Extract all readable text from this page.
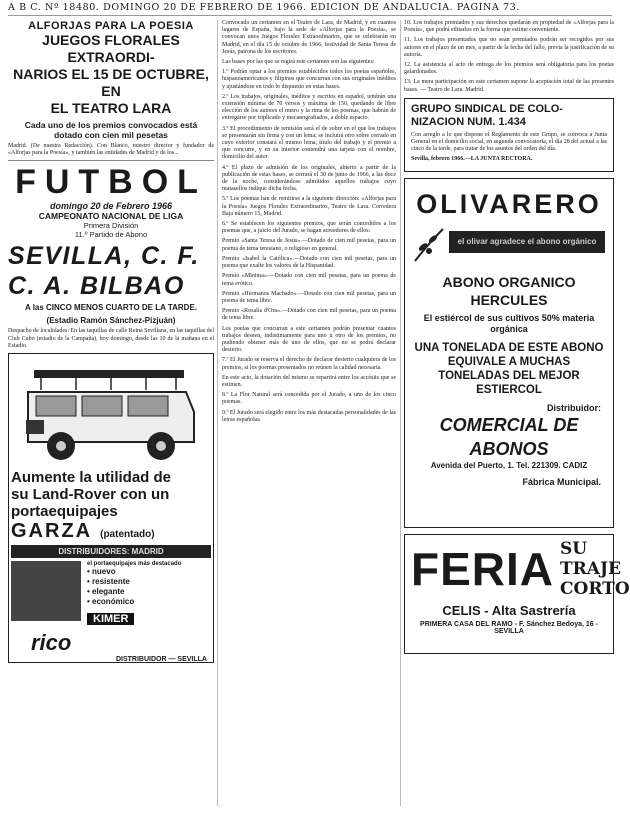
A B C. Nº 18480. DOMINGO 20 DE FEBRERO DE 1966. EDICION DE ANDALUCIA. PAGINA 73.
ALFORJAS PARA LA POESIA
JUEGOS FLORALES EXTRAORDI-
NARIOS EL 15 DE OCTUBRE, EN
EL TEATRO LARA
Cada uno de los premios convocados está dotado con cien mil pesetas

Madrid. (De nuestra Redacción). Con Blanco, nuestro director y fundador de «Alforjas para la Poesía», y también las entidades de Madrid y de los...

FUTBOL
domingo 20 de Febrero 1966
CAMPEONATO NACIONAL DE LIGA
Primera División
11.º Partido de Abono
SEVILLA, C. F.
C. A. BILBAO
A las CINCO MENOS CUARTO DE LA TARDE.
(Estadio Ramón Sánchez-Pizjuán)

Despacho de localidades: En las taquillas de calle Reina Sevillana, en las taquillas del Club Cubo (estadio de la Campaña), hoy domingo, desde las 10 de la mañana en el Estadio.

Aumente la utilidad de
su Land-Rover con un
portaequipajes
GARZA (patentado)
DISTRIBUIDORES: MADRID
el portaequipajes más destacado
• nuevo
• resistente
• elegante
• económico
KIMER
rico
DISTRIBUIDOR — SEVILLA

Convocado un certamen en el Teatro de Lara, de Madrid, y en cuantos lugares de España, bajo la sede de «Alforjas para la Poesía», se convocan unos Juegos Florales Extraordinarios, que se celebrarán en Madrid, en el día 15 de octubre de 1966, festividad de Santa Teresa de Jesús, patrona de los escritores.

Las bases por las que se regirá este certamen son las siguientes:

1.º Podrán optar a los premios establecidos todos los poetas españoles, hispanoamericanos y filipinos que concurran con sus originales inéditos y ajustándose en todo lo dispuesto en estas bases.

2.º Los trabajos, originales, inéditos y escritos en español, tendrán una extensión mínima de 70 versos y máxima de 150, quedando de libre elección de los autores el metro y la rima de los poemas, que habrán de entregarse por triplicado y mecanografiados, a doble espacio.

3.º El procedimiento de remisión será el de sobre en el que los trabajos se presentarán sin firma y con un lema; se incluirá otro sobre cerrado en cuyo exterior constará el mismo lema, título del trabajo y el premio a que concurre, y en su interior contendrá una tarjeta con el nombre, domicilio del autor.

4.º El plazo de admisión de los originales, abierto a partir de la publicación de estas bases, se cerrará el 30 de junio de 1966, a las doce de la noche, considerándose admitidos aquellos trabajos cuyo matasellos indique dicha fecha.

5.º Los poemas han de remitirse a la siguiente dirección: «Alforjas para la Poesía» Juegos Florales Extraordinarios, Teatro de Lara. Corredera Baja número 15, Madrid.

6.º Se establecen los siguientes premios, que serán concedidos a los poemas que, a juicio del Jurado, se hagan acreedores de ellos:

Premio «Santa Teresa de Jesús».—Dotado de cien mil pesetas, para un poema de tema teresiano, o religioso en general.

Premio «Isabel la Católica».—Dotado con cien mil pesetas, para un poema que exalte los valores de la Hispanidad.

Premio «Minima».—Dotado con cien mil pesetas, para un poema de tema erótico.

Premio «Hermanos Machado».—Dotado con cien mil pesetas, para un poema de tema libre.

Premio «Rosalía d'Ora».—Dotado con cien mil pesetas, para un poema de tema libre.

Los poetas que concurran a este certamen podrán presentar cuantos trabajos deseen, indistintamente para uno u otro de los premios, no pudiendo obtener más de uno de ellos, que no se podrá declarar desierto.

7.º El Jurado se reserva el derecho de declarar desierto cualquiera de los premios, si los poemas presentados no reúnen la calidad necesaria.

En este acto, la dotación del mismo se repartirá entre los accésits que se estimen.

8.º La Flor Natural será concedida por el Jurado, a uno de los cinco poemas.

9.º El Jurado será elegido entre los más destacadas personalidades de las letras españolas.

10. Los trabajos premiados y sus derechos quedarán en propiedad de «Alforjas para la Poesía», que podrá editarlos en la forma que estime conveniente.

11. Los trabajos presentados que no sean premiados podrán ser recogidos por sus autores en el plazo de un mes, a partir de la fecha del fallo, previa la justificación de su autoría.

12. La asistencia al acto de entrega de los premios será obligatoria para los poetas galardonados.

13. La mera participación en este certamen supone la aceptación total de las presentes bases. — Teatro de Lara. Madrid.

GRUPO SINDICAL DE COLO-
NIZACION NUM. 1.434

Con arreglo a lo que dispone el Reglamento de este Grupo, se convoca a Junta General en el domicilio social, en segunda convocatoria, el día 28 del actual a las cinco de la tarde, para tratar de los asuntos del orden del día.

Sevilla, febrero 1966.—LA JUNTA RECTORA.

OLIVARERO
el olivar agradece el abono orgánico
ABONO ORGANICO
HERCULES
El estiércol de sus cultivos 50% materia orgánica
UNA TONELADA DE ESTE ABONO EQUIVALE A MUCHAS TONELADAS DEL MEJOR ESTIERCOL
Distribuidor:
COMERCIAL DE ABONOS
Avenida del Puerto, 1. Tel. 221309. CADIZ
Fábrica Municipal.
FERIA SU TRAJE
CORTO
CELIS - Alta Sastrería
PRIMERA CASA DEL RAMO - F. Sánchez Bedoya, 16 - SEVILLA
